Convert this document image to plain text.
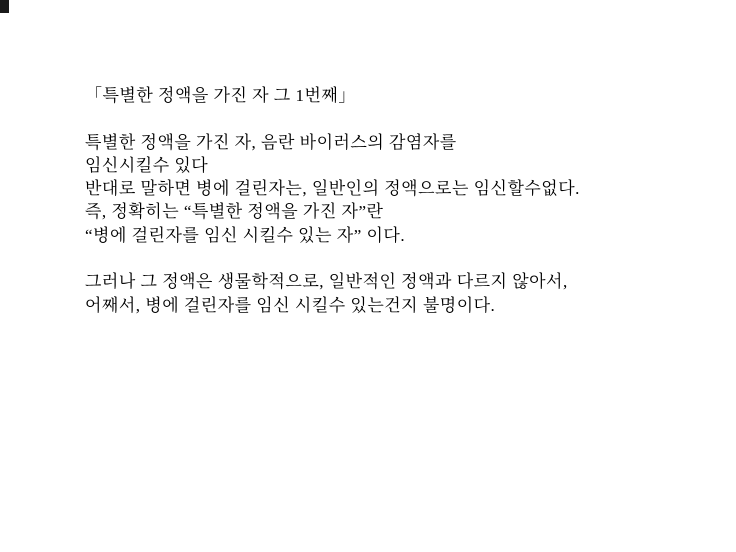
「특별한 정액을 가진 자 그 1번째」

특별한 정액을 가진 자, 음란 바이러스의 감염자를
임신시킬수 있다
반대로 말하면 병에 걸린자는, 일반인의 정액으로는 임신할수없다.
즉, 정확히는 “특별한 정액을 가진 자”란
“병에 걸린자를 임신 시킬수 있는 자” 이다.

그러나 그 정액은 생물학적으로, 일반적인 정액과 다르지 않아서,
어째서, 병에 걸린자를 임신 시킬수 있는건지 불명이다.
